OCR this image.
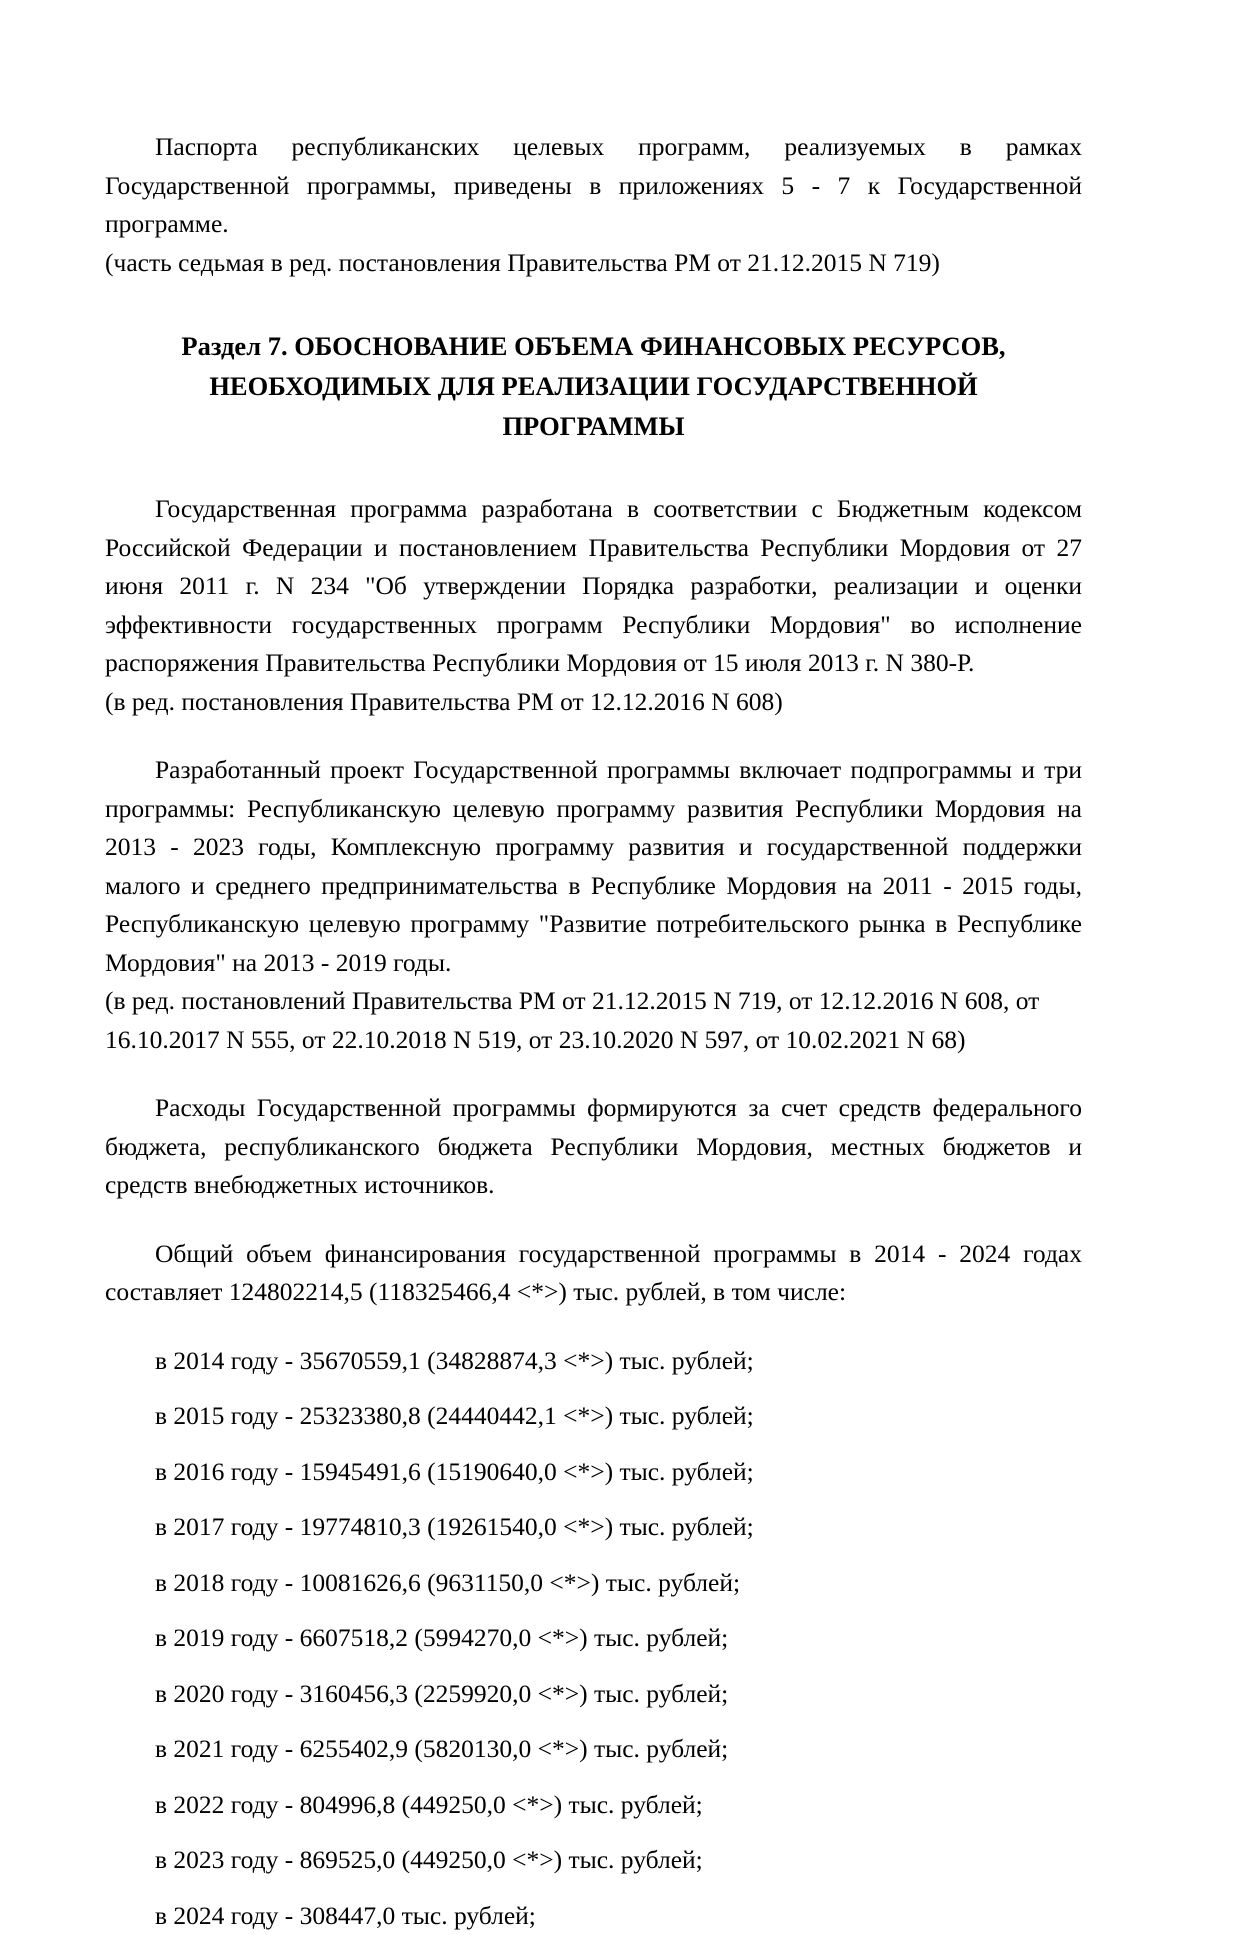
Паспорта республиканских целевых программ, реализуемых в рамках Государственной программы, приведены в приложениях 5 - 7 к Государственной программе.

(часть седьмая в ред. постановления Правительства РМ от 21.12.2015 N 719)

Раздел 7. ОБОСНОВАНИЕ ОБЪЕМА ФИНАНСОВЫХ РЕСУРСОВ, НЕОБХОДИМЫХ ДЛЯ РЕАЛИЗАЦИИ ГОСУДАРСТВЕННОЙ ПРОГРАММЫ

Государственная программа разработана в соответствии с Бюджетным кодексом Российской Федерации и постановлением Правительства Республики Мордовия от 27 июня 2011 г. N 234 "Об утверждении Порядка разработки, реализации и оценки эффективности государственных программ Республики Мордовия" во исполнение распоряжения Правительства Республики Мордовия от 15 июля 2013 г. N 380-Р.

(в ред. постановления Правительства РМ от 12.12.2016 N 608)

Разработанный проект Государственной программы включает подпрограммы и три программы: Республиканскую целевую программу развития Республики Мордовия на 2013 - 2023 годы, Комплексную программу развития и государственной поддержки малого и среднего предпринимательства в Республике Мордовия на 2011 - 2015 годы, Республиканскую целевую программу "Развитие потребительского рынка в Республике Мордовия" на 2013 - 2019 годы.

(в ред. постановлений Правительства РМ от 21.12.2015 N 719, от 12.12.2016 N 608, от 16.10.2017 N 555, от 22.10.2018 N 519, от 23.10.2020 N 597, от 10.02.2021 N 68)

Расходы Государственной программы формируются за счет средств федерального бюджета, республиканского бюджета Республики Мордовия, местных бюджетов и средств внебюджетных источников.

Общий объем финансирования государственной программы в 2014 - 2024 годах составляет 124802214,5 (118325466,4 <*>) тыс. рублей, в том числе:

в 2014 году - 35670559,1 (34828874,3 <*>) тыс. рублей;

в 2015 году - 25323380,8 (24440442,1 <*>) тыс. рублей;

в 2016 году - 15945491,6 (15190640,0 <*>) тыс. рублей;

в 2017 году - 19774810,3 (19261540,0 <*>) тыс. рублей;

в 2018 году - 10081626,6 (9631150,0 <*>) тыс. рублей;

в 2019 году - 6607518,2 (5994270,0 <*>) тыс. рублей;

в 2020 году - 3160456,3 (2259920,0 <*>) тыс. рублей;

в 2021 году - 6255402,9 (5820130,0 <*>) тыс. рублей;

в 2022 году - 804996,8 (449250,0 <*>) тыс. рублей;

в 2023 году - 869525,0 (449250,0 <*>) тыс. рублей;

в 2024 году - 308447,0 тыс. рублей;
